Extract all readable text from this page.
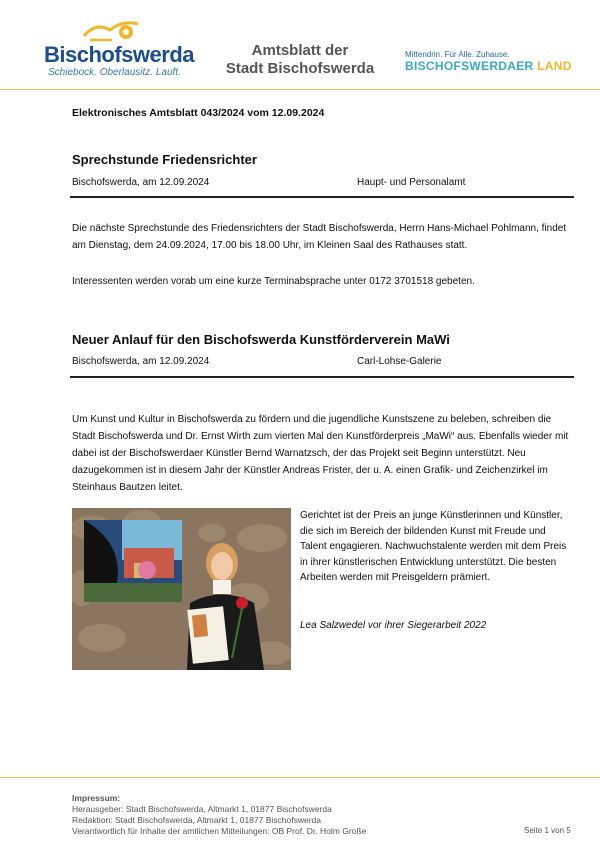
Bischofswerda
Schiebock. Oberlausitz. Lauft.
Amtsblatt der
Stadt Bischofswerda
Mittendrin. Für Alle. Zuhause.
BISCHOFSWERDAER LAND
Elektronisches Amtsblatt 043/2024 vom 12.09.2024
Sprechstunde Friedensrichter
Bischofswerda, am 12.09.2024	Haupt- und Personalamt
Die nächste Sprechstunde des Friedensrichters der Stadt Bischofswerda, Herrn Hans-Michael Pohlmann, findet am Dienstag, dem 24.09.2024, 17.00 bis 18.00 Uhr, im Kleinen Saal des Rathauses statt.
Interessenten werden vorab um eine kurze Terminabsprache unter 0172 3701518 gebeten.
Neuer Anlauf für den Bischofswerda Kunstförderverein MaWi
Bischofswerda, am 12.09.2024	Carl-Lohse-Galerie
Um Kunst und Kultur in Bischofswerda zu fördern und die jugendliche Kunstszene zu beleben, schreiben die Stadt Bischofswerda und Dr. Ernst Wirth zum vierten Mal den Kunstförderpreis „MaWi“ aus. Ebenfalls wieder mit dabei ist der Bischofswerdaer Künstler Bernd Warnatzsch, der das Projekt seit Beginn unterstützt. Neu dazugekommen ist in diesem Jahr der Künstler Andreas Frister, der u. A. einen Grafik- und Zeichenzirkel im Steinhaus Bautzen leitet.
Gerichtet ist der Preis an junge Künstlerinnen und Künstler, die sich im Bereich der bildenden Kunst mit Freude und Talent engagieren. Nachwuchstalente werden mit dem Preis in ihrer künstlerischen Entwicklung unterstützt. Die besten Arbeiten werden mit Preisgeldern prämiert.
Lea Salzwedel vor ihrer Siegerarbeit 2022
Impressum:
Herausgeber: Stadt Bischofswerda, Altmarkt 1, 01877 Bischofswerda
Redaktion: Stadt Bischofswerda, Altmarkt 1, 01877 Bischofswerda
Verantwortlich für Inhalte der amtlichen Mitteilungen: OB Prof. Dr. Holm Große	Seite 1 von 5
